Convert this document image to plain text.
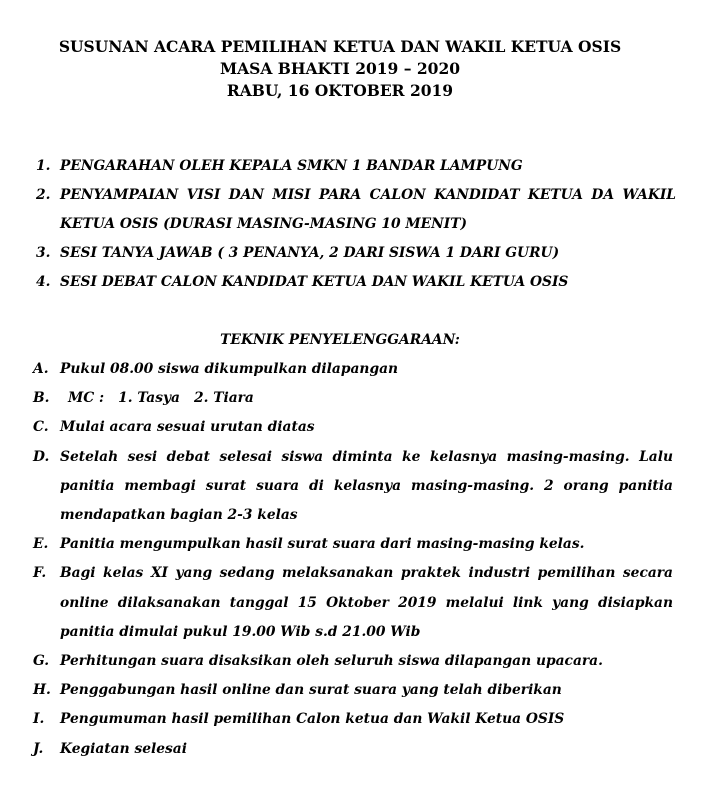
SUSUNAN ACARA PEMILIHAN KETUA DAN WAKIL KETUA OSIS
MASA BHAKTI 2019 – 2020
RABU, 16 OKTOBER 2019
1. PENGARAHAN OLEH KEPALA SMKN 1 BANDAR LAMPUNG
2. PENYAMPAIAN VISI DAN MISI PARA CALON KANDIDAT KETUA DA WAKIL
KETUA OSIS (DURASI MASING-MASING 10 MENIT)
3. SESI TANYA JAWAB ( 3 PENANYA, 2 DARI SISWA 1 DARI GURU)
4. SESI DEBAT CALON KANDIDAT KETUA DAN WAKIL KETUA OSIS
TEKNIK PENYELENGGARAAN:
A. Pukul 08.00 siswa dikumpulkan dilapangan
B.	MC : 1. Tasya 2. Tiara
C. Mulai acara sesuai urutan diatas
D. Setelah sesi debat selesai siswa diminta ke kelasnya masing-masing. Lalu
panitia membagi surat suara di kelasnya masing-masing. 2 orang panitia
mendapatkan bagian 2-3 kelas
E. Panitia mengumpulkan hasil surat suara dari masing-masing kelas.
F. Bagi kelas XI yang sedang melaksanakan praktek industri pemilihan secara
online dilaksanakan tanggal 15 Oktober 2019 melalui link yang disiapkan
panitia dimulai pukul 19.00 Wib s.d 21.00 Wib
G. Perhitungan suara disaksikan oleh seluruh siswa dilapangan upacara.
H. Penggabungan hasil online dan surat suara yang telah diberikan
I. Pengumuman hasil pemilihan Calon ketua dan Wakil Ketua OSIS
J. Kegiatan selesai
